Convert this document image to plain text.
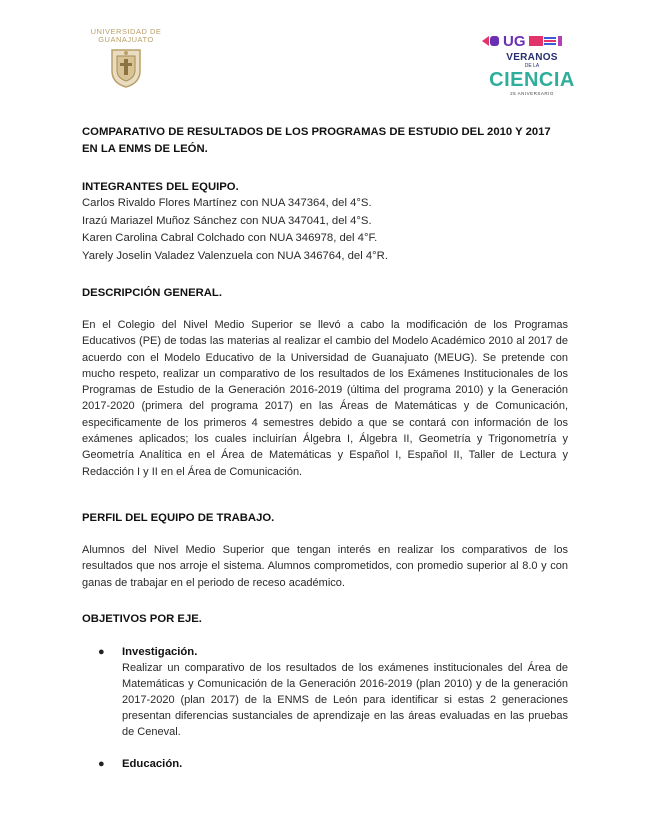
UNIVERSIDAD DE
GUANAJUATO	UG
VERANOS
DE LA
CIENCIA
25 ANIVERSARIO
COMPARATIVO DE RESULTADOS DE LOS PROGRAMAS DE ESTUDIO DEL 2010 Y 2017 EN LA ENMS DE LEÓN.
INTEGRANTES DEL EQUIPO.
Carlos Rivaldo Flores Martínez con NUA 347364, del 4°S.
Irazú Mariazel Muñoz Sánchez con NUA 347041, del 4°S.
Karen Carolina Cabral Colchado con NUA 346978, del 4°F.
Yarely Joselin Valadez Valenzuela con NUA 346764, del 4°R.
DESCRIPCIÓN GENERAL.

En el Colegio del Nivel Medio Superior se llevó a cabo la modificación de los Programas Educativos (PE) de todas las materias al realizar el cambio del Modelo Académico 2010 al 2017 de acuerdo con el Modelo Educativo de la Universidad de Guanajuato (MEUG). Se pretende con mucho respeto, realizar un comparativo de los resultados de los Exámenes Institucionales de los Programas de Estudio de la Generación 2016-2019 (última del programa 2010) y la Generación 2017-2020 (primera del programa 2017) en las Áreas de Matemáticas y de Comunicación, especificamente de los primeros 4 semestres debido a que se contará con información de los exámenes aplicados; los cuales incluirían Álgebra I, Álgebra II, Geometría y Trigonometría y Geometría Analítica en el Área de Matemáticas y Español I, Español II, Taller de Lectura y Redacción I y II en el Área de Comunicación.

PERFIL DEL EQUIPO DE TRABAJO.

Alumnos del Nivel Medio Superior que tengan interés en realizar los comparativos de los resultados que nos arroje el sistema. Alumnos comprometidos, con promedio superior al 8.0 y con ganas de trabajar en el periodo de receso académico.

OBJETIVOS POR EJE.
● Investigación.

Realizar un comparativo de los resultados de los exámenes institucionales del Área de Matemáticas y Comunicación de la Generación 2016-2019 (plan 2010) y de la generación 2017-2020 (plan 2017) de la ENMS de León para identificar si estas 2 generaciones presentan diferencias sustanciales de aprendizaje en las áreas evaluadas en las pruebas de Ceneval.

● Educación.
